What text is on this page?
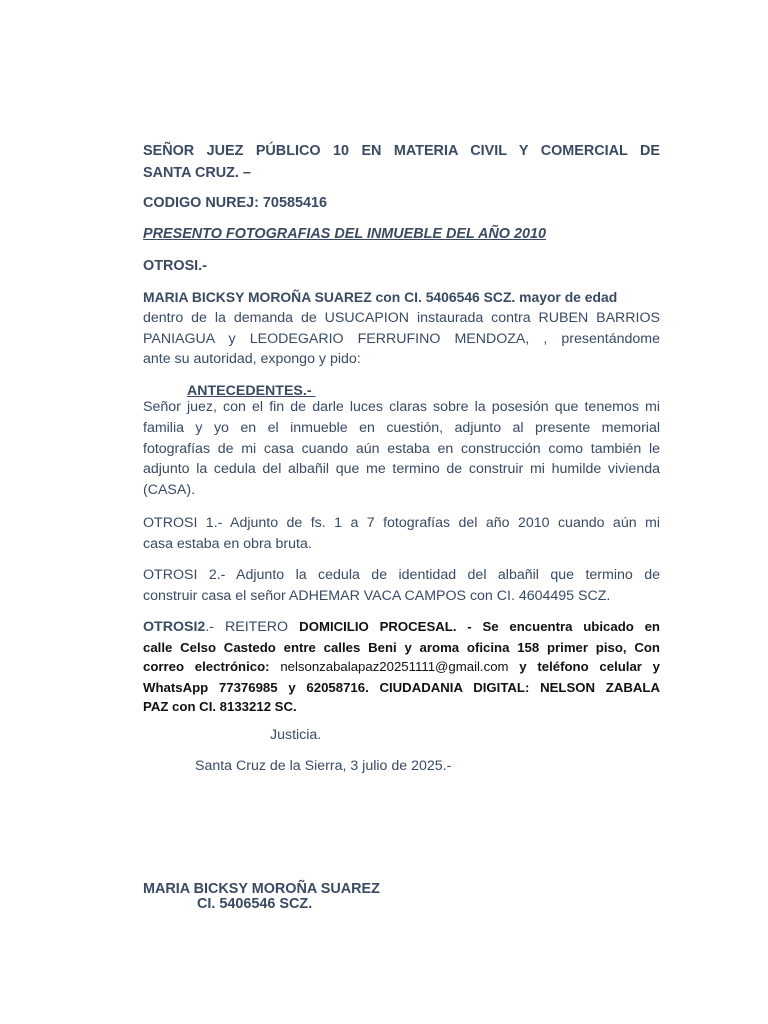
SEÑOR JUEZ PÚBLICO 10 EN MATERIA CIVIL Y COMERCIAL DE
SANTA CRUZ. –
CODIGO NUREJ: 70585416
PRESENTO FOTOGRAFIAS DEL INMUEBLE DEL AÑO 2010
OTROSI.-
MARIA BICKSY MOROÑA SUAREZ con CI. 5406546 SCZ. mayor de edad
dentro de la demanda de USUCAPION instaurada contra RUBEN BARRIOS
PANIAGUA y LEODEGARIO FERRUFINO MENDOZA, , presentándome
ante su autoridad, expongo y pido:
ANTECEDENTES.-
Señor juez, con el fin de darle luces claras sobre la posesión que tenemos mi
familia y yo en el inmueble en cuestión, adjunto al presente memorial
fotografías de mi casa cuando aún estaba en construcción como también le
adjunto la cedula del albañil que me termino de construir mi humilde vivienda
(CASA).
OTROSI 1.- Adjunto de fs. 1 a 7 fotografías del año 2010 cuando aún mi
casa estaba en obra bruta.
OTROSI 2.- Adjunto la cedula de identidad del albañil que termino de
construir casa el señor ADHEMAR VACA CAMPOS con CI. 4604495 SCZ.
OTROSI2.- REITERO DOMICILIO PROCESAL. - Se encuentra ubicado en
calle Celso Castedo entre calles Beni y aroma oficina 158 primer piso, Con
correo electrónico: nelsonzabalapaz20251111@gmail.com y teléfono celular y
WhatsApp 77376985 y 62058716. CIUDADANIA DIGITAL: NELSON ZABALA
PAZ con CI. 8133212 SC.
Justicia.
Santa Cruz de la Sierra, 3 julio de 2025.-
MARIA BICKSY MOROÑA SUAREZ
CI. 5406546 SCZ.
